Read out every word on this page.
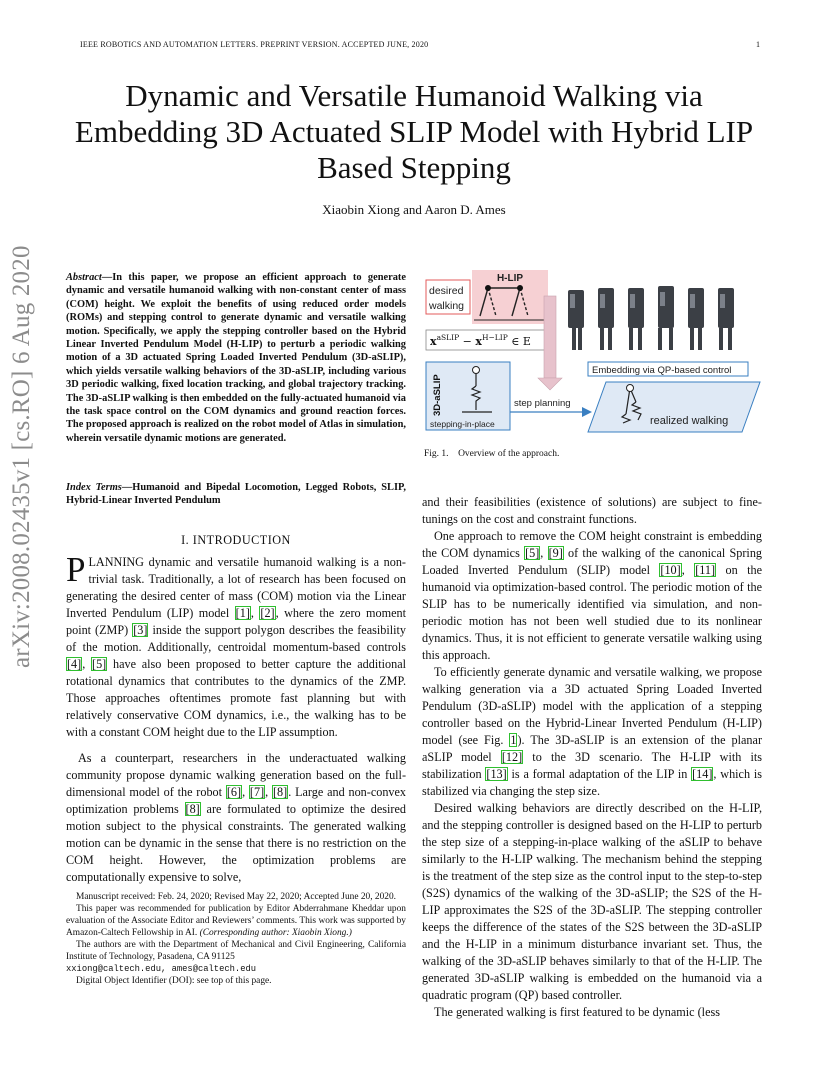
IEEE ROBOTICS AND AUTOMATION LETTERS. PREPRINT VERSION. ACCEPTED JUNE, 2020	1
Dynamic and Versatile Humanoid Walking via Embedding 3D Actuated SLIP Model with Hybrid LIP Based Stepping
Xiaobin Xiong and Aaron D. Ames
arXiv:2008.02435v1 [cs.RO] 6 Aug 2020	Abstract—In this paper, we propose an efficient approach to generate dynamic and versatile humanoid walking with non-constant center of mass (COM) height. We exploit the benefits of using reduced order models (ROMs) and stepping control to generate dynamic and versatile walking motion. Specifically, we apply the stepping controller based on the Hybrid Linear Inverted Pendulum Model (H-LIP) to perturb a periodic walking motion of a 3D actuated Spring Loaded Inverted Pendulum (3D-aSLIP), which yields versatile walking behaviors of the 3D-aSLIP, including various 3D periodic walking, fixed location tracking, and global trajectory tracking. The 3D-aSLIP walking is then embedded on the fully-actuated humanoid via the task space control on the COM dynamics and ground reaction forces. The proposed approach is realized on the robot model of Atlas in simulation, wherein versatile dynamic motions are generated.
Index Terms—Humanoid and Bipedal Locomotion, Legged Robots, SLIP, Hybrid-Linear Inverted Pendulum
I. INTRODUCTION
PLANNING dynamic and versatile humanoid walking is a non-trivial task. Traditionally, a lot of research has been focused on generating the desired center of mass (COM) motion via the Linear Inverted Pendulum (LIP) model [1], [2], where the zero moment point (ZMP) [3] inside the support polygon describes the feasibility of the motion. Additionally, centroidal momentum-based controls [4], [5] have also been proposed to better capture the additional rotational dynamics that contributes to the dynamics of the ZMP. Those approaches oftentimes promote fast planning but with relatively conservative COM dynamics, i.e., the walking has to be with a constant COM height due to the LIP assumption.
As a counterpart, researchers in the underactuated walking community propose dynamic walking generation based on the full-dimensional model of the robot [6], [7], [8]. Large and non-convex optimization problems [8] are formulated to optimize the desired motion subject to the physical constraints. The generated walking motion can be dynamic in the sense that there is no restriction on the COM height. However, the optimization problems are computationally expensive to solve,

Manuscript received: Feb. 24, 2020; Revised May 22, 2020; Accepted June 20, 2020.

This paper was recommended for publication by Editor Abderrahmane Kheddar upon evaluation of the Associate Editor and Reviewers’ comments. This work was supported by Amazon-Caltech Fellowship in AI. (Corresponding author: Xiaobin Xiong.)

The authors are with the Department of Mechanical and Civil Engineering, California Institute of Technology, Pasadena, CA 91125
xxiong@caltech.edu, ames@caltech.edu

Digital Object Identifier (DOI): see top of this page.

H-LIP
desired
walking
$x^{aSLIP} - x^{H-LIP}$ ∈ E
3D-aSLIP
stepping-in-place
step planning
Embedding via QP-based control
realized walking
Fig. 1. Overview of the approach.

and their feasibilities (existence of solutions) are subject to fine-tunings on the cost and constraint functions.

One approach to remove the COM height constraint is embedding the COM dynamics [5], [9] of the walking of the canonical Spring Loaded Inverted Pendulum (SLIP) model [10], [11] on the humanoid via optimization-based control. The periodic motion of the SLIP has to be numerically identified via simulation, and non-periodic motion has not been well studied due to its nonlinear dynamics. Thus, it is not efficient to generate versatile walking using this approach.

To efficiently generate dynamic and versatile walking, we propose walking generation via a 3D actuated Spring Loaded Inverted Pendulum (3D-aSLIP) model with the application of a stepping controller based on the Hybrid-Linear Inverted Pendulum (H-LIP) model (see Fig. 1). The 3D-aSLIP is an extension of the planar aSLIP model [12] to the 3D scenario. The H-LIP with its stabilization [13] is a formal adaptation of the LIP in [14], which is stabilized via changing the step size.

Desired walking behaviors are directly described on the H-LIP, and the stepping controller is designed based on the H-LIP to perturb the step size of a stepping-in-place walking of the aSLIP to behave similarly to the H-LIP walking. The mechanism behind the stepping is the treatment of the step size as the control input to the step-to-step (S2S) dynamics of the walking of the 3D-aSLIP; the S2S of the H-LIP approximates the S2S of the 3D-aSLIP. The stepping controller keeps the difference of the states of the S2S between the 3D-aSLIP and the H-LIP in a minimum disturbance invariant set. Thus, the walking of the 3D-aSLIP behaves similarly to that of the H-LIP. The generated 3D-aSLIP walking is embedded on the humanoid via a quadratic program (QP) based controller.

The generated walking is first featured to be dynamic (less
